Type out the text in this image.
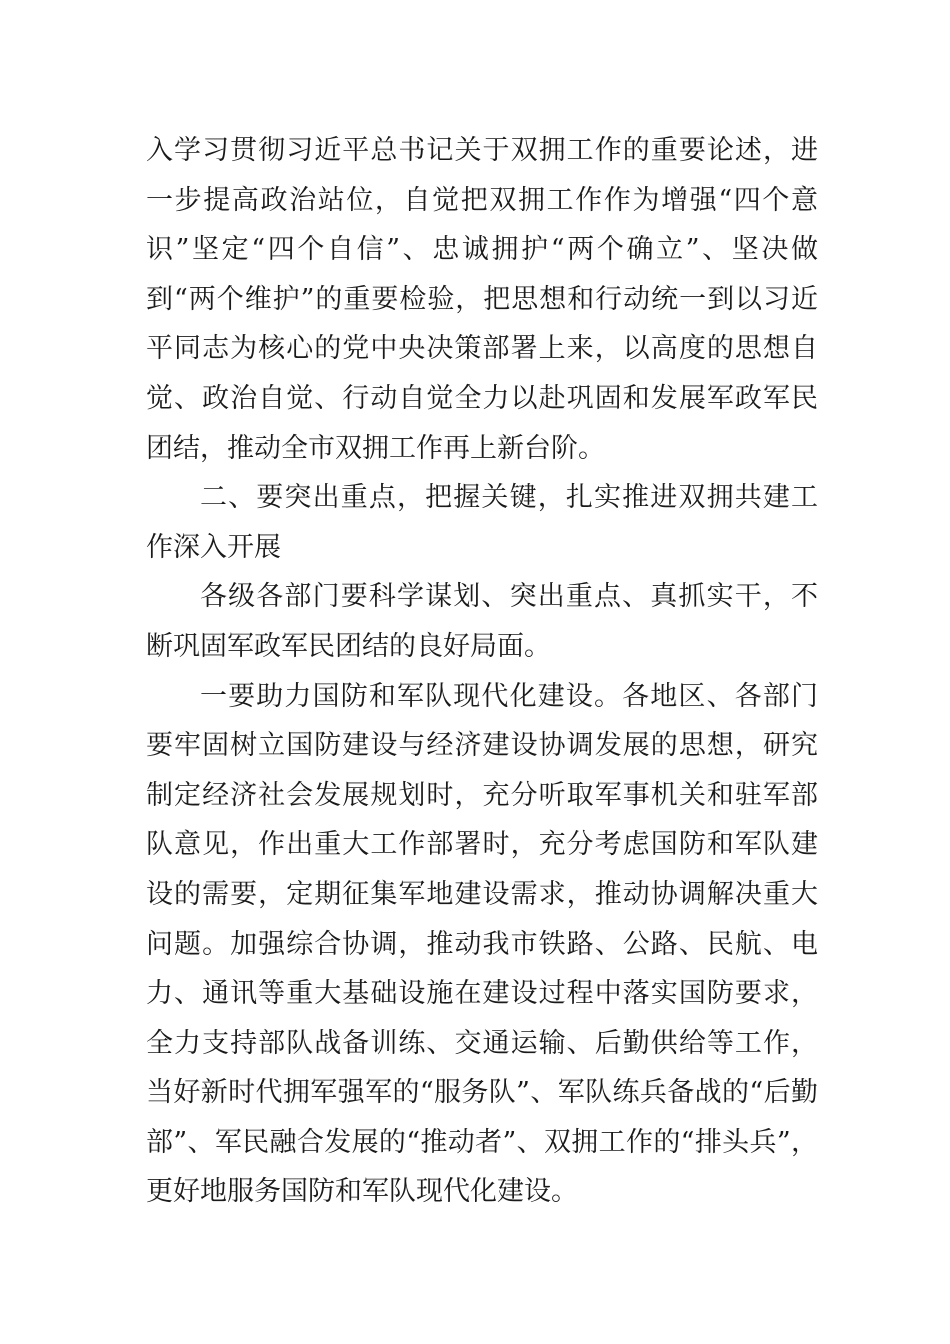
入学习贯彻习近平总书记关于双拥工作的重要论述，进一步提高政治站位，自觉把双拥工作作为增强“四个意识”坚定“四个自信”、忠诚拥护“两个确立”、坚决做到“两个维护”的重要检验，把思想和行动统一到以习近平同志为核心的党中央决策部署上来，以高度的思想自觉、政治自觉、行动自觉全力以赴巩固和发展军政军民团结，推动全市双拥工作再上新台阶。

二、要突出重点，把握关键，扎实推进双拥共建工作深入开展

各级各部门要科学谋划、突出重点、真抓实干，不断巩固军政军民团结的良好局面。

一要助力国防和军队现代化建设。各地区、各部门要牢固树立国防建设与经济建设协调发展的思想，研究制定经济社会发展规划时，充分听取军事机关和驻军部队意见，作出重大工作部署时，充分考虑国防和军队建设的需要，定期征集军地建设需求，推动协调解决重大问题。加强综合协调，推动我市铁路、公路、民航、电力、通讯等重大基础设施在建设过程中落实国防要求，全力支持部队战备训练、交通运输、后勤供给等工作，当好新时代拥军强军的“服务队”、军队练兵备战的“后勤部”、军民融合发展的“推动者”、双拥工作的“排头兵”，更好地服务国防和军队现代化建设。
